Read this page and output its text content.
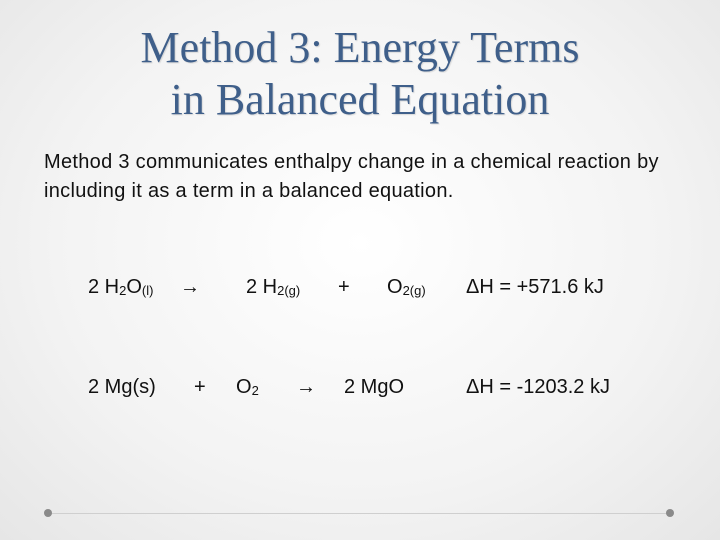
Method 3: Energy Terms
in Balanced Equation
Method 3 communicates enthalpy change in a chemical reaction by including it as a term in a balanced equation.
2 $H_2O_{(l)} \to 2$ $H_{2(g)} + O_{2(g)}$ ΔH = +571.6 kJ
2 $Mg(s) + O_2 \to 2$ MgO	ΔH = -1203.2 kJ
